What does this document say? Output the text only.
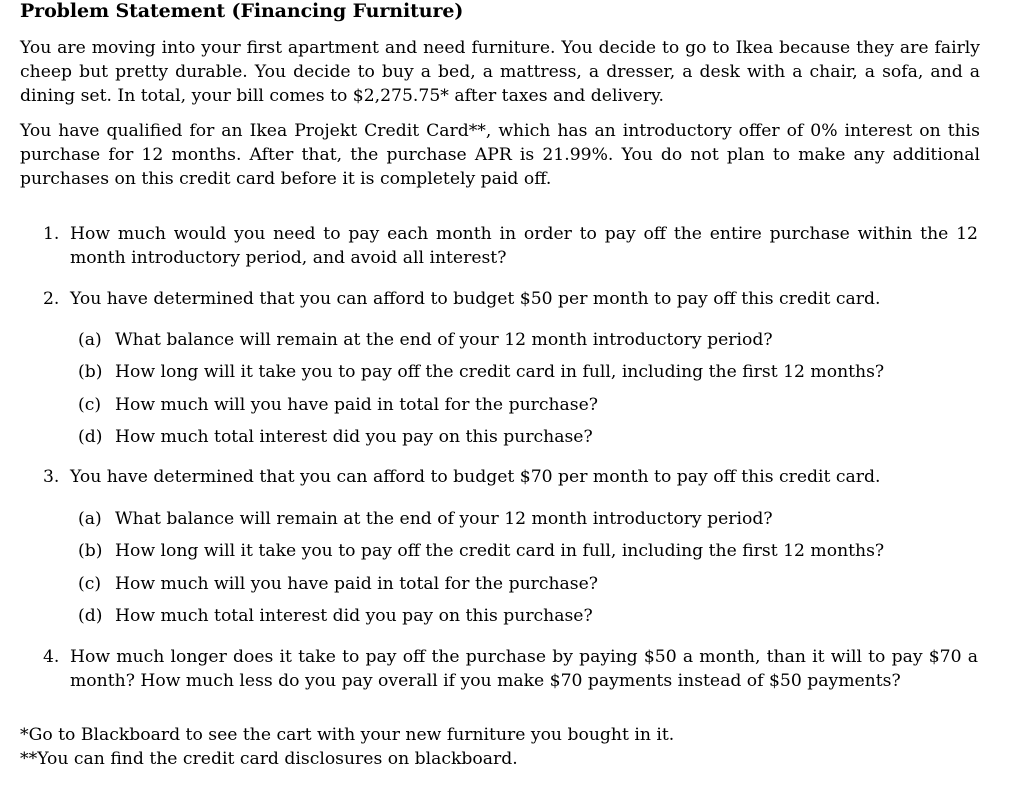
Problem Statement (Financing Furniture)
You are moving into your first apartment and need furniture. You decide to go to Ikea because they are fairly cheep but pretty durable. You decide to buy a bed, a mattress, a dresser, a desk with a chair, a sofa, and a dining set. In total, your bill comes to $2,275.75* after taxes and delivery.
You have qualified for an Ikea Projekt Credit Card**, which has an introductory offer of 0% interest on this purchase for 12 months. After that, the purchase APR is 21.99%. You do not plan to make any additional purchases on this credit card before it is completely paid off.
1. How much would you need to pay each month in order to pay off the entire purchase within the 12 month introductory period, and avoid all interest?
2. You have determined that you can afford to budget $50 per month to pay off this credit card.
(a) What balance will remain at the end of your 12 month introductory period?
(b) How long will it take you to pay off the credit card in full, including the first 12 months?
(c) How much will you have paid in total for the purchase?
(d) How much total interest did you pay on this purchase?
3. You have determined that you can afford to budget $70 per month to pay off this credit card.
(a) What balance will remain at the end of your 12 month introductory period?
(b) How long will it take you to pay off the credit card in full, including the first 12 months?
(c) How much will you have paid in total for the purchase?
(d) How much total interest did you pay on this purchase?
4. How much longer does it take to pay off the purchase by paying $50 a month, than it will to pay $70 a month? How much less do you pay overall if you make $70 payments instead of $50 payments?
*Go to Blackboard to see the cart with your new furniture you bought in it.
**You can find the credit card disclosures on blackboard.
